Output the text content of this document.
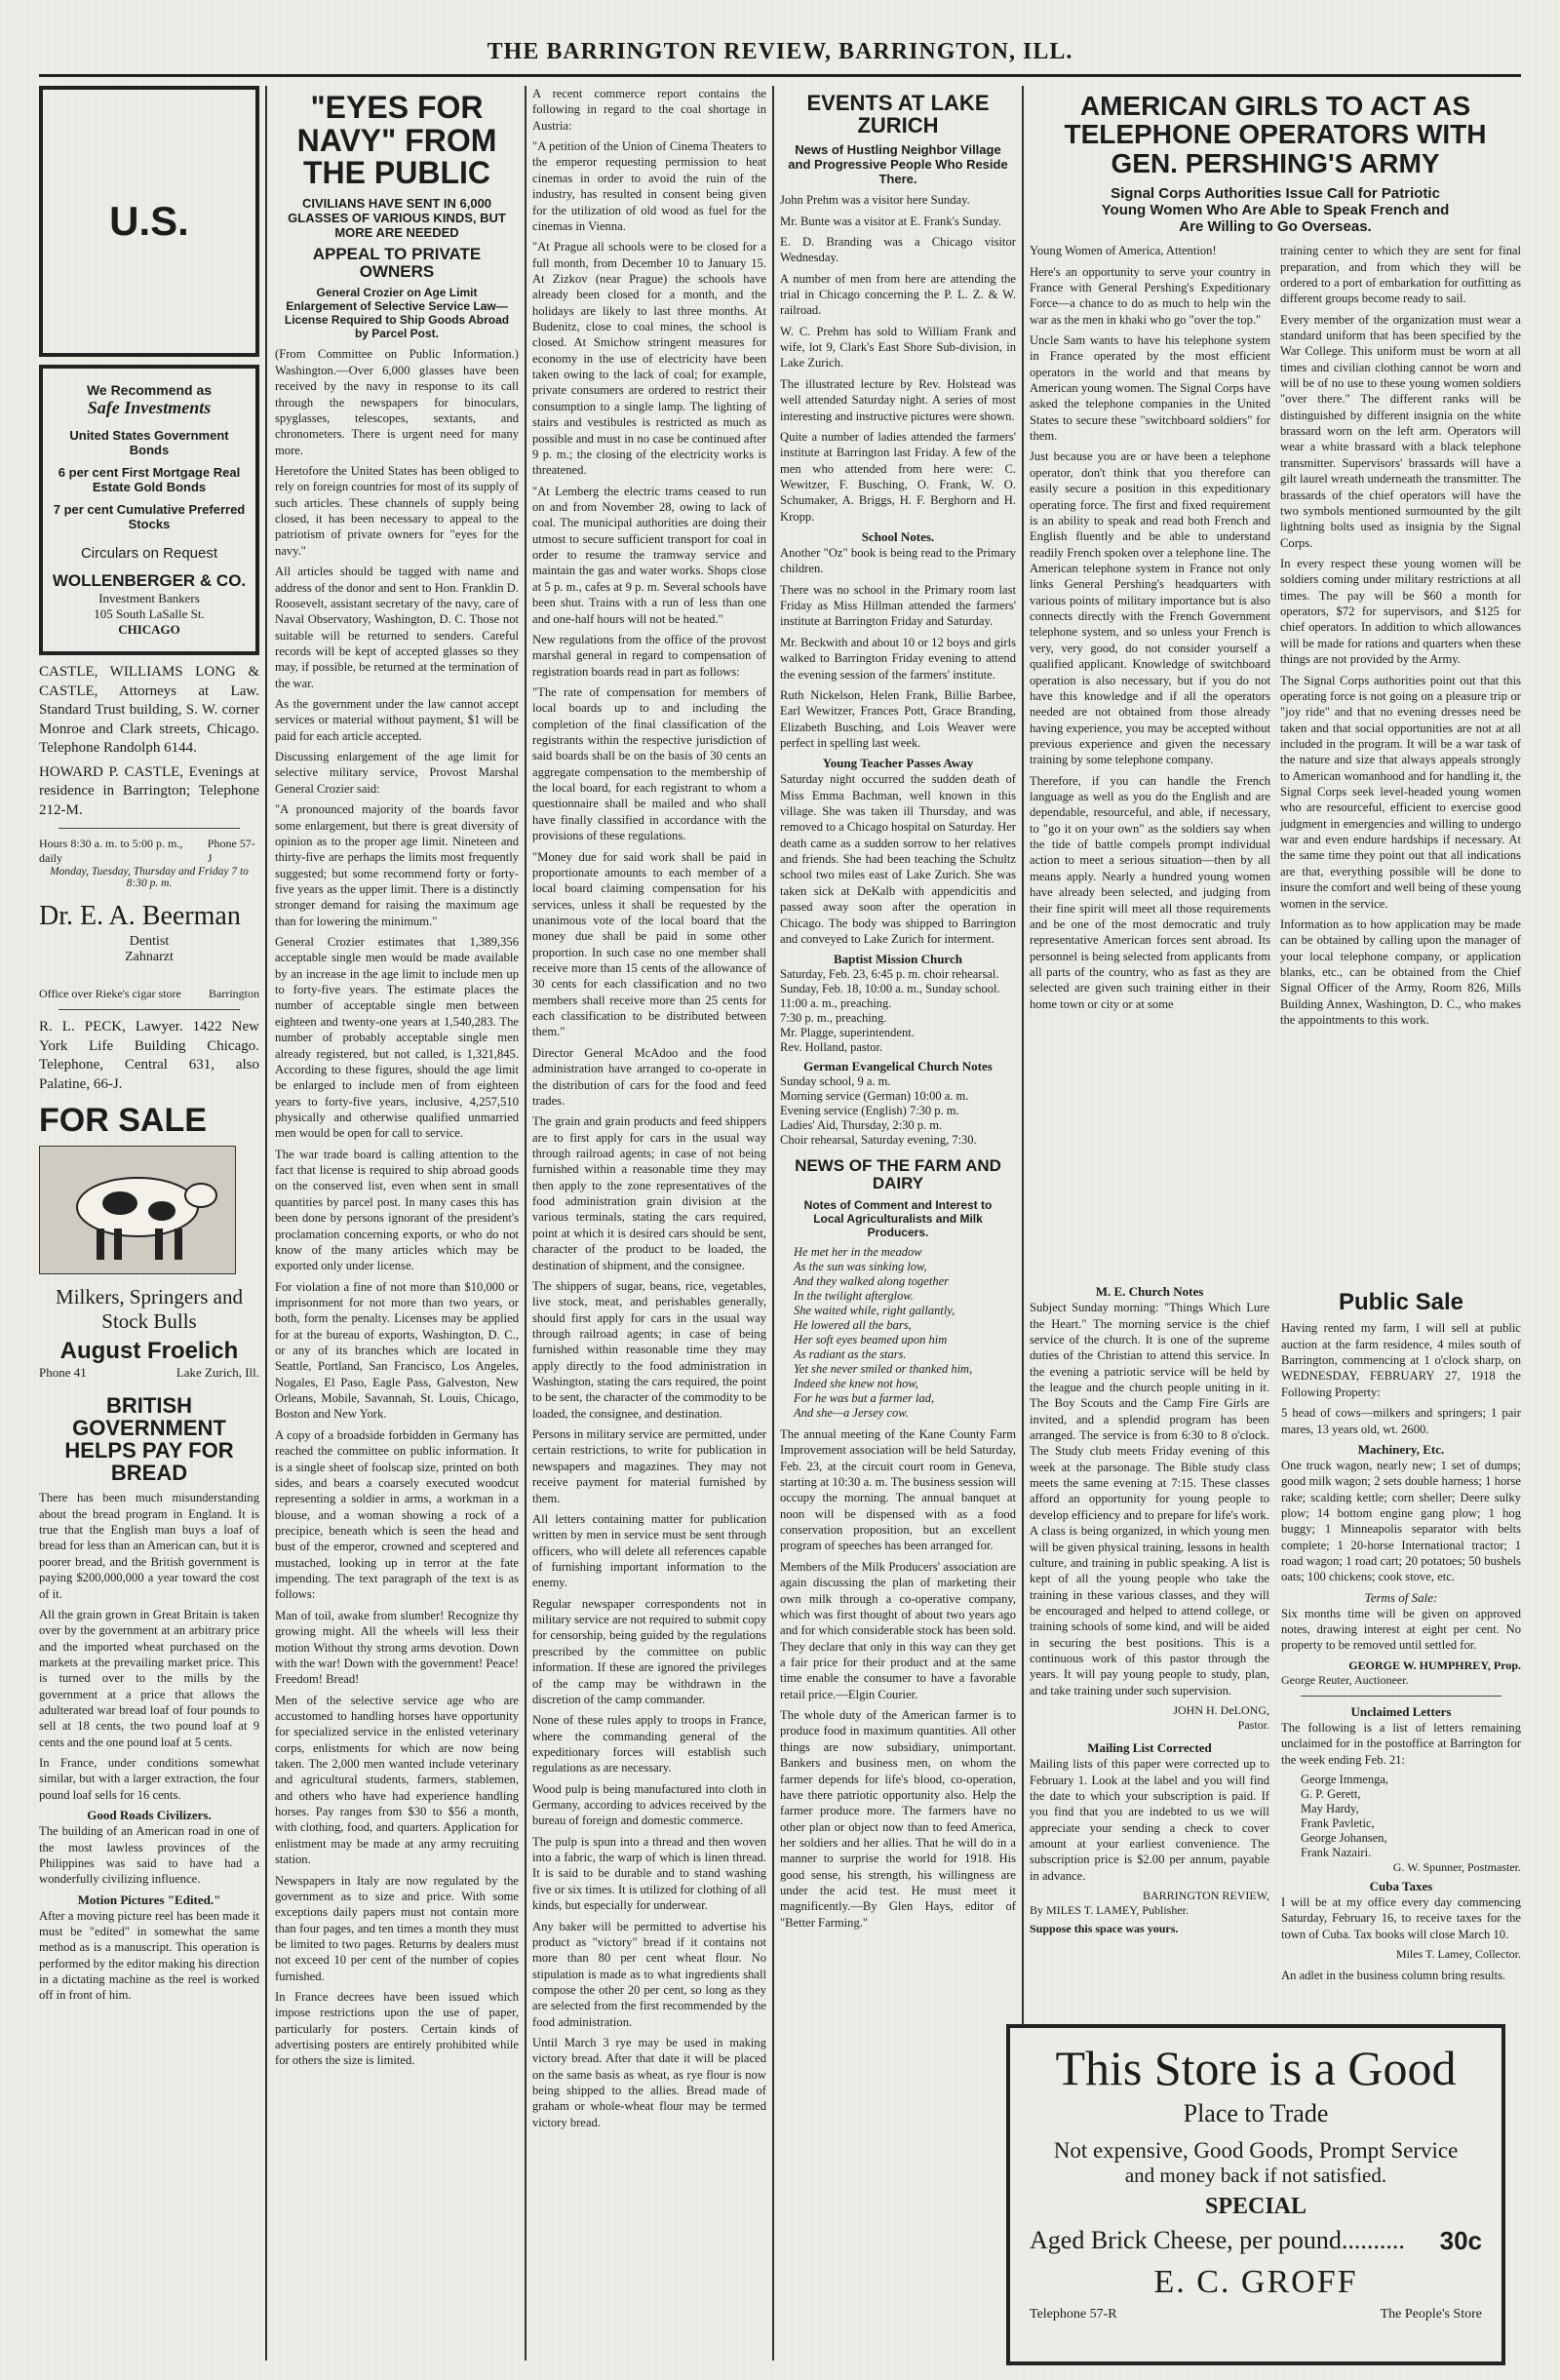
THE BARRINGTON REVIEW, BARRINGTON, ILL.
U.S.
We Recommend as
Safe Investments
United States Government Bonds
6 per cent First Mortgage Real Estate Gold Bonds
7 per cent Cumulative Preferred Stocks
Circulars on Request
WOLLENBERGER & CO.
Investment Bankers
105 South LaSalle St.
CHICAGO

CASTLE, WILLIAMS LONG & CASTLE, Attorneys at Law. Standard Trust building, S. W. corner Monroe and Clark streets, Chicago. Telephone Randolph 6144.

HOWARD P. CASTLE, Evenings at residence in Barrington; Telephone 212-M.

Hours 8:30 a. m. to 5:00 p. m., daily
Phone 57-J
Monday, Tuesday, Thursday and Friday 7 to 8:30 p. m.
Dr. E. A. Beerman
Dentist
Zahnarzt
Office over Rieke's cigar store Barrington

R. L. PECK, Lawyer. 1422 New York Life Building Chicago. Telephone, Central 631, also Palatine, 66-J.

FOR SALE
Milkers, Springers and Stock Bulls
August Froelich
Phone 41	Lake Zurich, Ill.
BRITISH GOVERNMENT HELPS PAY FOR BREAD

There has been much misunderstanding about the bread program in England. It is true that the English man buys a loaf of bread for less than an American can, but it is poorer bread, and the British government is paying $200,000,000 a year toward the cost of it.

All the grain grown in Great Britain is taken over by the government at an arbitrary price and the imported wheat purchased on the markets at the prevailing market price. This is turned over to the mills by the government at a price that allows the adulterated war bread loaf of four pounds to sell at 18 cents, the two pound loaf at 9 cents and the one pound loaf at 5 cents.

In France, under conditions somewhat similar, but with a larger extraction, the four pound loaf sells for 16 cents.

Good Roads Civilizers.

The building of an American road in one of the most lawless provinces of the Philippines was said to have had a wonderfully civilizing influence.

Motion Pictures "Edited."

After a moving picture reel has been made it must be "edited" in somewhat the same method as is a manuscript. This operation is performed by the editor making his direction in a dictating machine as the reel is worked off in front of him.

"EYES FOR NAVY" FROM THE PUBLIC
CIVILIANS HAVE SENT IN 6,000 GLASSES OF VARIOUS KINDS, BUT MORE ARE NEEDED
APPEAL TO PRIVATE OWNERS
General Crozier on Age Limit Enlargement of Selective Service Law—License Required to Ship Goods Abroad by Parcel Post.

(From Committee on Public Information.) Washington.—Over 6,000 glasses have been received by the navy in response to its call through the newspapers for binoculars, spyglasses, telescopes, sextants, and chronometers. There is urgent need for many more.

Heretofore the United States has been obliged to rely on foreign countries for most of its supply of such articles. These channels of supply being closed, it has been necessary to appeal to the patriotism of private owners for "eyes for the navy."

All articles should be tagged with name and address of the donor and sent to Hon. Franklin D. Roosevelt, assistant secretary of the navy, care of Naval Observatory, Washington, D. C. Those not suitable will be returned to senders. Careful records will be kept of accepted glasses so they may, if possible, be returned at the termination of the war.

As the government under the law cannot accept services or material without payment, $1 will be paid for each article accepted.

Discussing enlargement of the age limit for selective military service, Provost Marshal General Crozier said:

"A pronounced majority of the boards favor some enlargement, but there is great diversity of opinion as to the proper age limit. Nineteen and thirty-five are perhaps the limits most frequently suggested; but some recommend forty or forty-five years as the upper limit. There is a distinctly stronger demand for raising the maximum age than for lowering the minimum."

General Crozier estimates that 1,389,356 acceptable single men would be made available by an increase in the age limit to include men up to forty-five years. The estimate places the number of acceptable single men between eighteen and twenty-one years at 1,540,283. The number of probably acceptable single men already registered, but not called, is 1,321,845. According to these figures, should the age limit be enlarged to include men of from eighteen years to forty-five years, inclusive, 4,257,510 physically and otherwise qualified unmarried men would be open for call to service.

The war trade board is calling attention to the fact that license is required to ship abroad goods on the conserved list, even when sent in small quantities by parcel post. In many cases this has been done by persons ignorant of the president's proclamation concerning exports, or who do not know of the many articles which may be exported only under license.

For violation a fine of not more than $10,000 or imprisonment for not more than two years, or both, form the penalty. Licenses may be applied for at the bureau of exports, Washington, D. C., or any of its branches which are located in Seattle, Portland, San Francisco, Los Angeles, Nogales, El Paso, Eagle Pass, Galveston, New Orleans, Mobile, Savannah, St. Louis, Chicago, Boston and New York.

A copy of a broadside forbidden in Germany has reached the committee on public information. It is a single sheet of foolscap size, printed on both sides, and bears a coarsely executed woodcut representing a soldier in arms, a workman in a blouse, and a woman showing a rock of a precipice, beneath which is seen the head and bust of the emperor, crowned and sceptered and mustached, looking up in terror at the fate impending. The text paragraph of the text is as follows:

Man of toil, awake from slumber! Recognize thy growing might. All the wheels will less their motion Without thy strong arms devotion. Down with the war! Down with the government! Peace! Freedom! Bread!

Men of the selective service age who are accustomed to handling horses have opportunity for specialized service in the enlisted veterinary corps, enlistments for which are now being taken. The 2,000 men wanted include veterinary and agricultural students, farmers, stablemen, and others who have had experience handling horses. Pay ranges from $30 to $56 a month, with clothing, food, and quarters. Application for enlistment may be made at any army recruiting station.

Newspapers in Italy are now regulated by the government as to size and price. With some exceptions daily papers must not contain more than four pages, and ten times a month they must be limited to two pages. Returns by dealers must not exceed 10 per cent of the number of copies furnished.

In France decrees have been issued which impose restrictions upon the use of paper, particularly for posters. Certain kinds of advertising posters are entirely prohibited while for others the size is limited.

A recent commerce report contains the following in regard to the coal shortage in Austria:

"A petition of the Union of Cinema Theaters to the emperor requesting permission to heat cinemas in order to avoid the ruin of the industry, has resulted in consent being given for the utilization of old wood as fuel for the cinemas in Vienna.

"At Prague all schools were to be closed for a full month, from December 10 to January 15. At Zizkov (near Prague) the schools have already been closed for a month, and the holidays are likely to last three months. At Budenitz, close to coal mines, the school is closed. At Smichow stringent measures for economy in the use of electricity have been taken owing to the lack of coal; for example, private consumers are ordered to restrict their consumption to a single lamp. The lighting of stairs and vestibules is restricted as much as possible and must in no case be continued after 9 p. m.; the closing of the electricity works is threatened.

"At Lemberg the electric trams ceased to run on and from November 28, owing to lack of coal. The municipal authorities are doing their utmost to secure sufficient transport for coal in order to resume the tramway service and maintain the gas and water works. Shops close at 5 p. m., cafes at 9 p. m. Several schools have been shut. Trains with a run of less than one and one-half hours will not be heated."

New regulations from the office of the provost marshal general in regard to compensation of registration boards read in part as follows:

"The rate of compensation for members of local boards up to and including the completion of the final classification of the registrants within the respective jurisdiction of said boards shall be on the basis of 30 cents an aggregate compensation to the membership of the local board, for each registrant to whom a questionnaire shall be mailed and who shall have finally classified in accordance with the provisions of these regulations.

"Money due for said work shall be paid in proportionate amounts to each member of a local board claiming compensation for his services, unless it shall be requested by the unanimous vote of the local board that the money due shall be paid in some other proportion. In such case no one member shall receive more than 15 cents of the allowance of 30 cents for each classification and no two members shall receive more than 25 cents for each classification to be distributed between them."

Director General McAdoo and the food administration have arranged to co-operate in the distribution of cars for the food and feed trades.

The grain and grain products and feed shippers are to first apply for cars in the usual way through railroad agents; in case of not being furnished within a reasonable time they may then apply to the zone representatives of the food administration grain division at the various terminals, stating the cars required, point at which it is desired cars should be sent, character of the product to be loaded, the destination of shipment, and the consignee.

The shippers of sugar, beans, rice, vegetables, live stock, meat, and perishables generally, should first apply for cars in the usual way through railroad agents; in case of being furnished within reasonable time they may apply directly to the food administration in Washington, stating the cars required, the point to be sent, the character of the commodity to be loaded, the consignee, and destination.

Persons in military service are permitted, under certain restrictions, to write for publication in newspapers and magazines. They may not receive payment for material furnished by them.

All letters containing matter for publication written by men in service must be sent through officers, who will delete all references capable of furnishing important information to the enemy.

Regular newspaper correspondents not in military service are not required to submit copy for censorship, being guided by the regulations prescribed by the committee on public information. If these are ignored the privileges of the camp may be withdrawn in the discretion of the camp commander.

None of these rules apply to troops in France, where the commanding general of the expeditionary forces will establish such regulations as are necessary.

Wood pulp is being manufactured into cloth in Germany, according to advices received by the bureau of foreign and domestic commerce.

The pulp is spun into a thread and then woven into a fabric, the warp of which is linen thread. It is said to be durable and to stand washing five or six times. It is utilized for clothing of all kinds, but especially for underwear.

Any baker will be permitted to advertise his product as "victory" bread if it contains not more than 80 per cent wheat flour. No stipulation is made as to what ingredients shall compose the other 20 per cent, so long as they are selected from the first recommended by the food administration.

Until March 3 rye may be used in making victory bread. After that date it will be placed on the same basis as wheat, as rye flour is now being shipped to the allies. Bread made of graham or whole-wheat flour may be termed victory bread.

EVENTS AT LAKE ZURICH
News of Hustling Neighbor Village and Progressive People Who Reside There.

John Prehm was a visitor here Sunday.

Mr. Bunte was a visitor at E. Frank's Sunday.

E. D. Branding was a Chicago visitor Wednesday.

A number of men from here are attending the trial in Chicago concerning the P. L. Z. & W. railroad.

W. C. Prehm has sold to William Frank and wife, lot 9, Clark's East Shore Sub-division, in Lake Zurich.

The illustrated lecture by Rev. Holstead was well attended Saturday night. A series of most interesting and instructive pictures were shown.

Quite a number of ladies attended the farmers' institute at Barrington last Friday. A few of the men who attended from here were: C. Wewitzer, F. Busching, O. Frank, W. O. Schumaker, A. Briggs, H. F. Berghorn and H. Kropp.

School Notes.

Another "Oz" book is being read to the Primary children.

There was no school in the Primary room last Friday as Miss Hillman attended the farmers' institute at Barrington Friday and Saturday.

Mr. Beckwith and about 10 or 12 boys and girls walked to Barrington Friday evening to attend the evening session of the farmers' institute.

Ruth Nickelson, Helen Frank, Billie Barbee, Earl Wewitzer, Frances Pott, Grace Branding, Elizabeth Busching, and Lois Weaver were perfect in spelling last week.

Young Teacher Passes Away

Saturday night occurred the sudden death of Miss Emma Bachman, well known in this village. She was taken ill Thursday, and was removed to a Chicago hospital on Saturday. Her death came as a sudden sorrow to her relatives and friends. She had been teaching the Schultz school two miles east of Lake Zurich. She was taken sick at DeKalb with appendicitis and passed away soon after the operation in Chicago. The body was shipped to Barrington and conveyed to Lake Zurich for interment.

Baptist Mission Church
Saturday, Feb. 23, 6:45 p. m. choir rehearsal.
Sunday, Feb. 18, 10:00 a. m., Sunday school.
11:00 a. m., preaching.
7:30 p. m., preaching.
Mr. Plagge, superintendent.
Rev. Holland, pastor.
German Evangelical Church Notes
Sunday school, 9 a. m.
Morning service (German) 10:00 a. m.
Evening service (English) 7:30 p. m.
Ladies' Aid, Thursday, 2:30 p. m.
Choir rehearsal, Saturday evening, 7:30.
NEWS OF THE FARM AND DAIRY
Notes of Comment and Interest to Local Agriculturalists and Milk Producers.
He met her in the meadow
As the sun was sinking low,
And they walked along together
In the twilight afterglow.
She waited while, right gallantly,
He lowered all the bars,
Her soft eyes beamed upon him
As radiant as the stars.
Yet she never smiled or thanked him,
Indeed she knew not how,
For he was but a farmer lad,
And she—a Jersey cow.

The annual meeting of the Kane County Farm Improvement association will be held Saturday, Feb. 23, at the circuit court room in Geneva, starting at 10:30 a. m. The business session will occupy the morning. The annual banquet at noon will be dispensed with as a food conservation proposition, but an excellent program of speeches has been arranged for.

Members of the Milk Producers' association are again discussing the plan of marketing their own milk through a co-operative company, which was first thought of about two years ago and for which considerable stock has been sold. They declare that only in this way can they get a fair price for their product and at the same time enable the consumer to have a favorable retail price.—Elgin Courier.

The whole duty of the American farmer is to produce food in maximum quantities. All other things are now subsidiary, unimportant. Bankers and business men, on whom the farmer depends for life's blood, co-operation, have there patriotic opportunity also. Help the farmer produce more. The farmers have no other plan or object now than to feed America, her soldiers and her allies. That he will do in a manner to surprise the world for 1918. His good sense, his strength, his willingness are under the acid test. He must meet it magnificently.—By Glen Hays, editor of "Better Farming."

AMERICAN GIRLS TO ACT AS TELEPHONE OPERATORS WITH GEN. PERSHING'S ARMY
Signal Corps Authorities Issue Call for Patriotic Young Women Who Are Able to Speak French and Are Willing to Go Overseas.

Young Women of America, Attention!

Here's an opportunity to serve your country in France with General Pershing's Expeditionary Force—a chance to do as much to help win the war as the men in khaki who go "over the top."

Uncle Sam wants to have his telephone system in France operated by the most efficient operators in the world and that means by American young women. The Signal Corps have asked the telephone companies in the United States to secure these "switchboard soldiers" for them.

Just because you are or have been a telephone operator, don't think that you therefore can easily secure a position in this expeditionary operating force. The first and fixed requirement is an ability to speak and read both French and English fluently and be able to understand readily French spoken over a telephone line. The American telephone system in France not only links General Pershing's headquarters with various points of military importance but is also connects directly with the French Government telephone system, and so unless your French is very, very good, do not consider yourself a qualified applicant. Knowledge of switchboard operation is also necessary, but if you do not have this knowledge and if all the operators needed are not obtained from those already having experience, you may be accepted without previous experience and given the necessary training by some telephone company.

Therefore, if you can handle the French language as well as you do the English and are dependable, resourceful, and able, if necessary, to "go it on your own" as the soldiers say when the tide of battle compels prompt individual action to meet a serious situation—then by all means apply. Nearly a hundred young women have already been selected, and judging from their fine spirit will meet all those requirements and be one of the most democratic and truly representative American forces sent abroad. Its personnel is being selected from applicants from all parts of the country, who as fast as they are selected are given such training either in their home town or city or at some

training center to which they are sent for final preparation, and from which they will be ordered to a port of embarkation for outfitting as different groups become ready to sail.

Every member of the organization must wear a standard uniform that has been specified by the War College. This uniform must be worn at all times and civilian clothing cannot be worn and will be of no use to these young women soldiers "over there." The different ranks will be distinguished by different insignia on the white brassard worn on the left arm. Operators will wear a white brassard with a black telephone transmitter. Supervisors' brassards will have a gilt laurel wreath underneath the transmitter. The brassards of the chief operators will have the two symbols mentioned surmounted by the gilt lightning bolts used as insignia by the Signal Corps.

In every respect these young women will be soldiers coming under military restrictions at all times. The pay will be $60 a month for operators, $72 for supervisors, and $125 for chief operators. In addition to which allowances will be made for rations and quarters when these things are not provided by the Army.

The Signal Corps authorities point out that this operating force is not going on a pleasure trip or "joy ride" and that no evening dresses need be taken and that social opportunities are not at all included in the program. It will be a war task of the nature and size that always appeals strongly to American womanhood and for handling it, the Signal Corps seek level-headed young women who are resourceful, efficient to exercise good judgment in emergencies and willing to undergo war and even endure hardships if necessary. At the same time they point out that all indications are that, everything possible will be done to insure the comfort and well being of these young women in the service.

Information as to how application may be made can be obtained by calling upon the manager of your local telephone company, or application blanks, etc., can be obtained from the Chief Signal Officer of the Army, Room 826, Mills Building Annex, Washington, D. C., who makes the appointments to this work.

M. E. Church Notes

Subject Sunday morning: "Things Which Lure the Heart." The morning service is the chief service of the church. It is one of the supreme duties of the Christian to attend this service. In the evening a patriotic service will be held by the league and the church people uniting in it. The Boy Scouts and the Camp Fire Girls are invited, and a splendid program has been arranged. The service is from 6:30 to 8 o'clock. The Study club meets Friday evening of this week at the parsonage. The Bible study class meets the same evening at 7:15. These classes afford an opportunity for young people to develop efficiency and to prepare for life's work. A class is being organized, in which young men will be given physical training, lessons in health culture, and training in public speaking. A list is kept of all the young people who take the training in these various classes, and they will be encouraged and helped to attend college, or training schools of some kind, and will be aided in securing the best positions. This is a continuous work of this pastor through the years. It will pay young people to study, plan, and take training under such supervision.

JOHN H. DeLONG,
Pastor.
Mailing List Corrected

Mailing lists of this paper were corrected up to February 1. Look at the label and you will find the date to which your subscription is paid. If you find that you are indebted to us we will appreciate your sending a check to cover amount at your earliest convenience. The subscription price is $2.00 per annum, payable in advance.

BARRINGTON REVIEW,
By MILES T. LAMEY, Publisher.
Suppose this space was yours.
Public Sale

Having rented my farm, I will sell at public auction at the farm residence, 4 miles south of Barrington, commencing at 1 o'clock sharp, on WEDNESDAY, FEBRUARY 27, 1918 the Following Property:

5 head of cows—milkers and springers; 1 pair mares, 13 years old, wt. 2600.

Machinery, Etc.

One truck wagon, nearly new; 1 set of dumps; good milk wagon; 2 sets double harness; 1 horse rake; scalding kettle; corn sheller; Deere sulky plow; 14 bottom engine gang plow; 1 hog buggy; 1 Minneapolis separator with belts complete; 1 20-horse International tractor; 1 road wagon; 1 road cart; 20 potatoes; 50 bushels oats; 100 chickens; cook stove, etc.

Terms of Sale:

Six months time will be given on approved notes, drawing interest at eight per cent. No property to be removed until settled for.

GEORGE W. HUMPHREY, Prop.
George Reuter, Auctioneer.
Unclaimed Letters

The following is a list of letters remaining unclaimed for in the postoffice at Barrington for the week ending Feb. 21:

George Immenga,
G. P. Gerett,
May Hardy,
Frank Pavletic,
George Johansen,
Frank Nazairi.
G. W. Spunner, Postmaster.
Cuba Taxes

I will be at my office every day commencing Saturday, February 16, to receive taxes for the town of Cuba. Tax books will close March 10.

Miles T. Lamey, Collector.

An adlet in the business column bring results.

This Store is a Good
Place to Trade
Not expensive, Good Goods, Prompt Service
and money back if not satisfied.
SPECIAL
Aged Brick Cheese, per pound.......... 30c
E. C. GROFF
Telephone 57-R	The People's Store
